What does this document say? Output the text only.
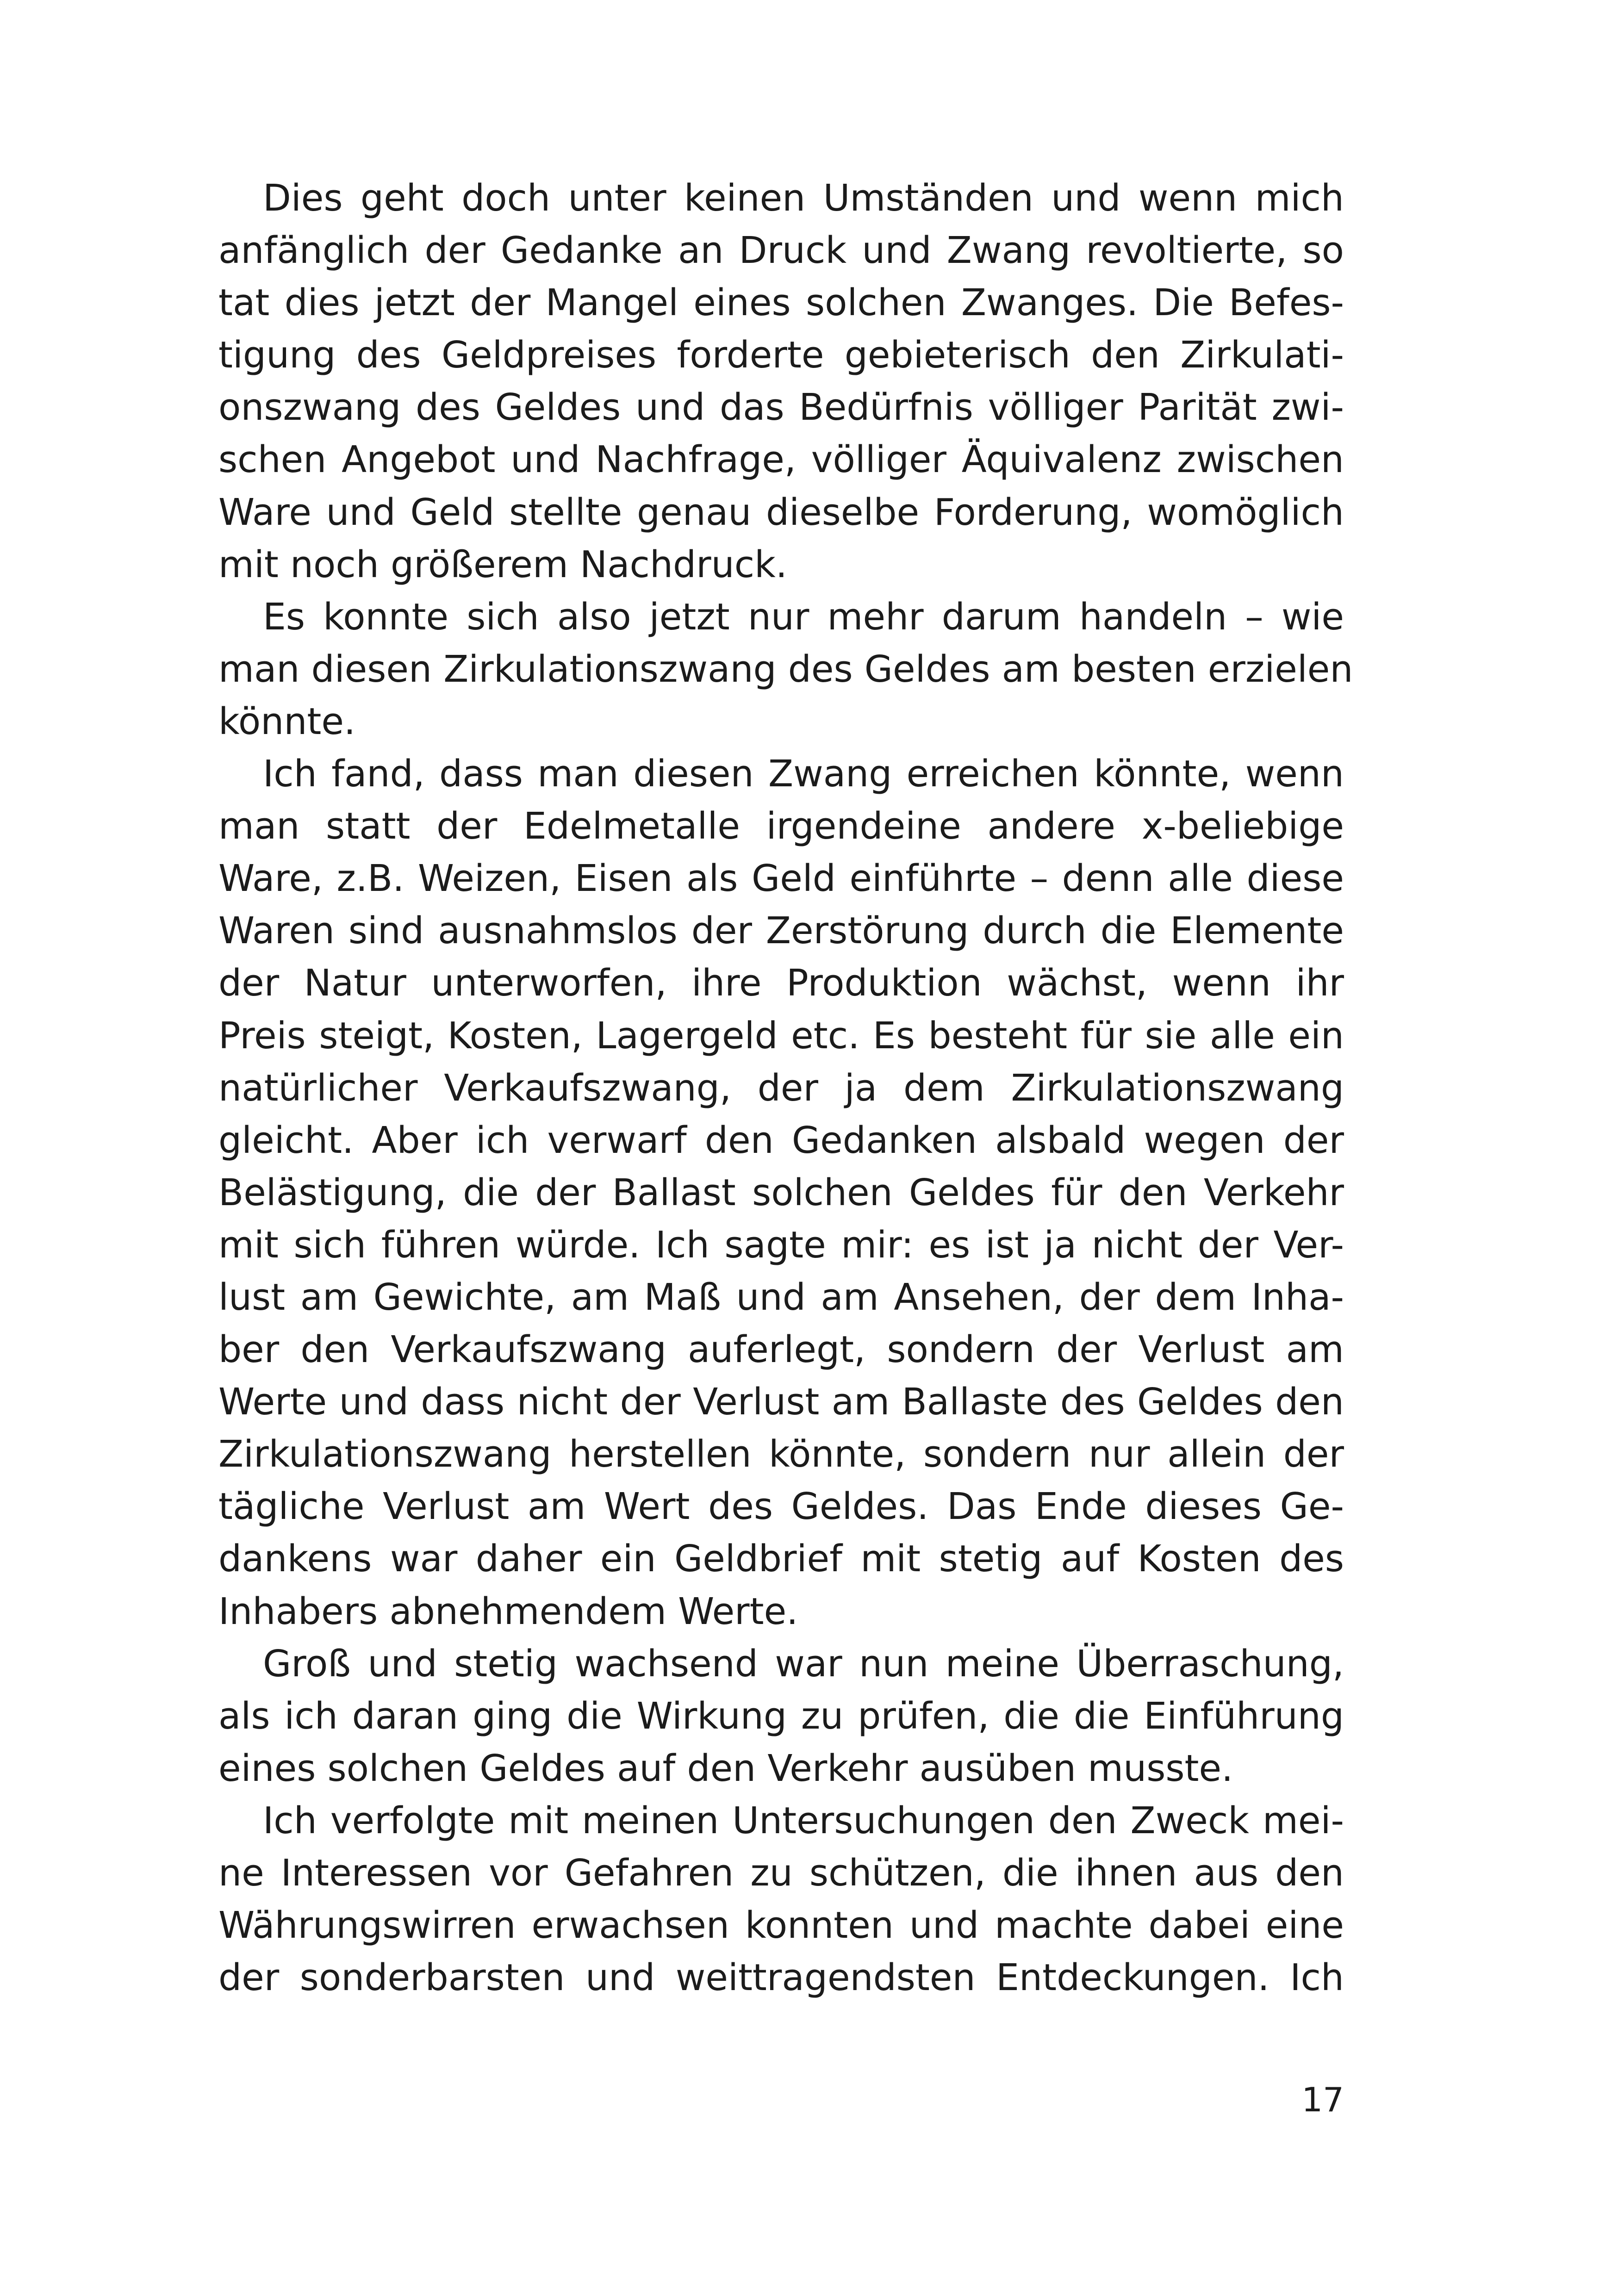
Dies geht doch unter keinen Umständen und wenn mich
anfänglich der Gedanke an Druck und Zwang revoltierte, so
tat dies jetzt der Mangel eines solchen Zwanges. Die Befes-
tigung des Geldpreises forderte gebieterisch den Zirkulati-
onszwang des Geldes und das Bedürfnis völliger Parität zwi-
schen Angebot und Nachfrage, völliger Äquivalenz zwischen
Ware und Geld stellte genau dieselbe Forderung, womöglich
mit noch größerem Nachdruck.
Es konnte sich also jetzt nur mehr darum handeln – wie
man diesen Zirkulationszwang des Geldes am besten erzielen
könnte.
Ich fand, dass man diesen Zwang erreichen könnte, wenn
man statt der Edelmetalle irgendeine andere x-beliebige
Ware, z.B. Weizen, Eisen als Geld einführte – denn alle diese
Waren sind ausnahmslos der Zerstörung durch die Elemente
der Natur unterworfen, ihre Produktion wächst, wenn ihr
Preis steigt, Kosten, Lagergeld etc. Es besteht für sie alle ein
natürlicher Verkaufszwang, der ja dem Zirkulationszwang
gleicht. Aber ich verwarf den Gedanken alsbald wegen der
Belästigung, die der Ballast solchen Geldes für den Verkehr
mit sich führen würde. Ich sagte mir: es ist ja nicht der Ver-
lust am Gewichte, am Maß und am Ansehen, der dem Inha-
ber den Verkaufszwang auferlegt, sondern der Verlust am
Werte und dass nicht der Verlust am Ballaste des Geldes den
Zirkulationszwang herstellen könnte, sondern nur allein der
tägliche Verlust am Wert des Geldes. Das Ende dieses Ge-
dankens war daher ein Geldbrief mit stetig auf Kosten des
Inhabers abnehmendem Werte.
Groß und stetig wachsend war nun meine Überraschung,
als ich daran ging die Wirkung zu prüfen, die die Einführung
eines solchen Geldes auf den Verkehr ausüben musste.
Ich verfolgte mit meinen Untersuchungen den Zweck mei-
ne Interessen vor Gefahren zu schützen, die ihnen aus den
Währungswirren erwachsen konnten und machte dabei eine
der sonderbarsten und weittragendsten Entdeckungen. Ich
17
